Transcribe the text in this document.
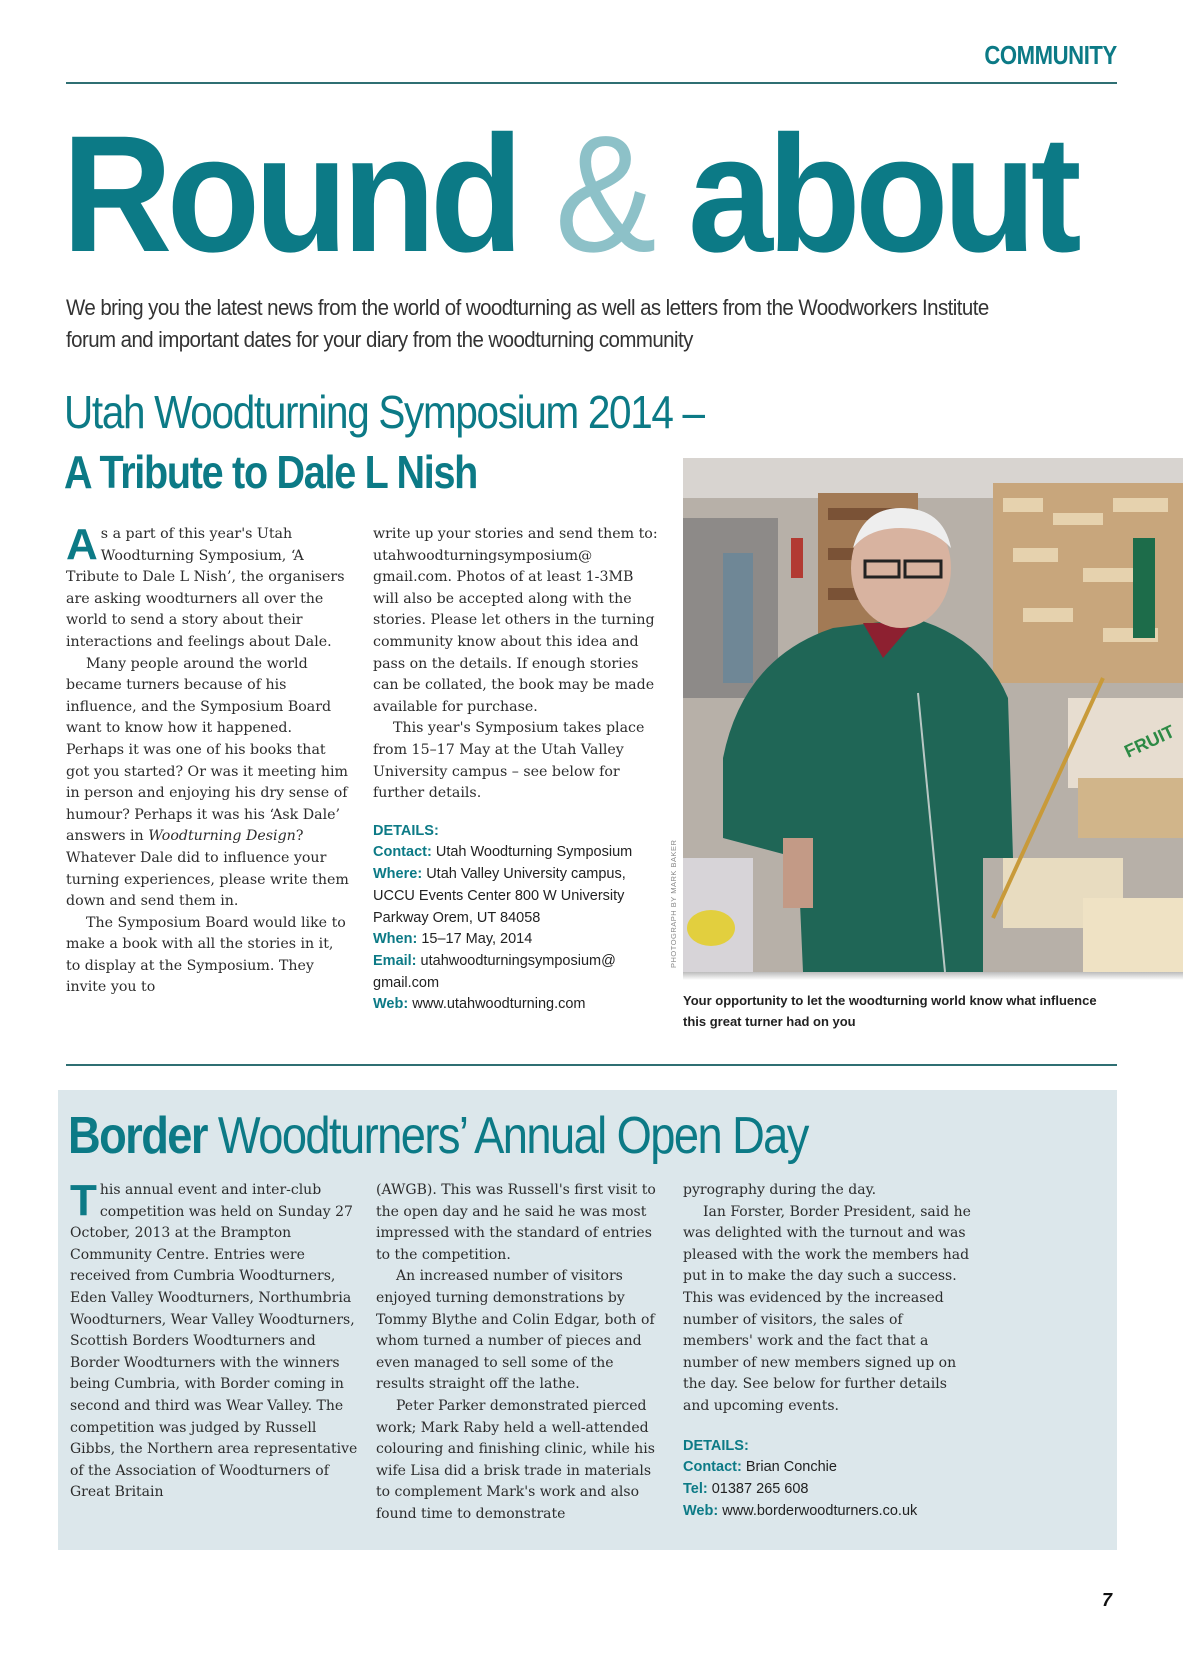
COMMUNITY
Round & about
We bring you the latest news from the world of woodturning as well as letters from the Woodworkers Institute forum and important dates for your diary from the woodturning community
Utah Woodturning Symposium 2014 –
A Tribute to Dale L Nish

As a part of this year's Utah Woodturning Symposium, ‘A Tribute to Dale L Nish’, the organisers are asking woodturners all over the world to send a story about their interactions and feelings about Dale.

Many people around the world became turners because of his influence, and the Symposium Board want to know how it happened. Perhaps it was one of his books that got you started? Or was it meeting him in person and enjoying his dry sense of humour? Perhaps it was his ‘Ask Dale’ answers in Woodturning Design? Whatever Dale did to influence your turning experiences, please write them down and send them in.

The Symposium Board would like to make a book with all the stories in it, to display at the Symposium. They invite you to

write up your stories and send them to: utahwoodturningsymposium@ gmail.com. Photos of at least 1-3MB will also be accepted along with the stories. Please let others in the turning community know about this idea and pass on the details. If enough stories can be collated, the book may be made available for purchase.

This year's Symposium takes place from 15–17 May at the Utah Valley University campus – see below for further details.

DETAILS:
Contact: Utah Woodturning Symposium
Where: Utah Valley University campus, UCCU Events Center 800 W University Parkway Orem, UT 84058
When: 15–17 May, 2014
Email: utahwoodturningsymposium@ gmail.com
Web: www.utahwoodturning.com
FRUIT
PHOTOGRAPH BY MARK BAKER
Your opportunity to let the woodturning world know what influence this great turner had on you
Border Woodturners’ Annual Open Day

This annual event and inter-club competition was held on Sunday 27 October, 2013 at the Brampton Community Centre. Entries were received from Cumbria Woodturners, Eden Valley Woodturners, Northumbria Woodturners, Wear Valley Woodturners, Scottish Borders Woodturners and Border Woodturners with the winners being Cumbria, with Border coming in second and third was Wear Valley. The competition was judged by Russell Gibbs, the Northern area representative of the Association of Woodturners of Great Britain

(AWGB). This was Russell's first visit to the open day and he said he was most impressed with the standard of entries to the competition.

An increased number of visitors enjoyed turning demonstrations by Tommy Blythe and Colin Edgar, both of whom turned a number of pieces and even managed to sell some of the results straight off the lathe.

Peter Parker demonstrated pierced work; Mark Raby held a well-attended colouring and finishing clinic, while his wife Lisa did a brisk trade in materials to complement Mark's work and also found time to demonstrate

pyrography during the day.

Ian Forster, Border President, said he was delighted with the turnout and was pleased with the work the members had put in to make the day such a success. This was evidenced by the increased number of visitors, the sales of members' work and the fact that a number of new members signed up on the day. See below for further details and upcoming events.

DETAILS:
Contact: Brian Conchie
Tel: 01387 265 608
Web: www.borderwoodturners.co.uk
7
